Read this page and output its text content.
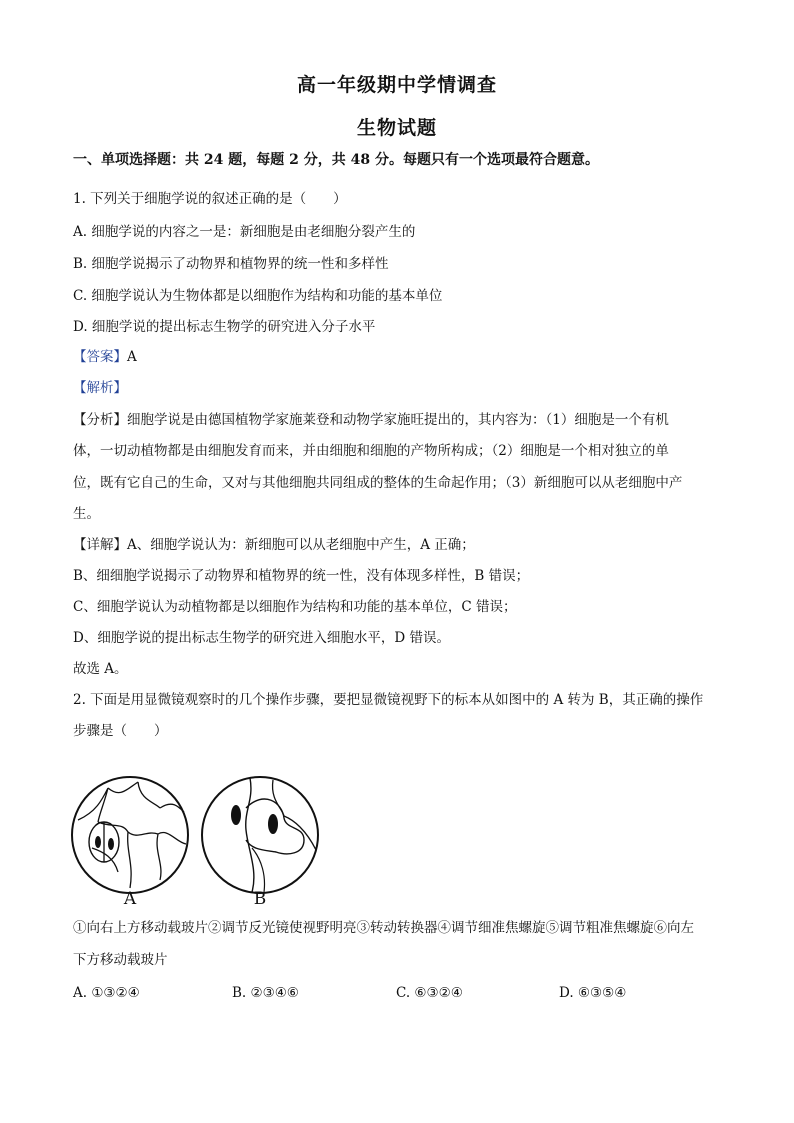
高一年级期中学情调查
生物试题
一、单项选择题：共 24 题，每题 2 分，共 48 分。每题只有一个选项最符合题意。
1. 下列关于细胞学说的叙述正确的是（　　）
A. 细胞学说的内容之一是：新细胞是由老细胞分裂产生的
B. 细胞学说揭示了动物界和植物界的统一性和多样性
C. 细胞学说认为生物体都是以细胞作为结构和功能的基本单位
D. 细胞学说的提出标志生物学的研究进入分子水平
【答案】A
【解析】
【分析】细胞学说是由德国植物学家施莱登和动物学家施旺提出的，其内容为：（1）细胞是一个有机
体，一切动植物都是由细胞发育而来，并由细胞和细胞的产物所构成；（2）细胞是一个相对独立的单
位，既有它自己的生命，又对与其他细胞共同组成的整体的生命起作用；（3）新细胞可以从老细胞中产
生。
【详解】A、细胞学说认为：新细胞可以从老细胞中产生，A 正确；
B、细细胞学说揭示了动物界和植物界的统一性，没有体现多样性，B 错误；
C、细胞学说认为动植物都是以细胞作为结构和功能的基本单位，C 错误；
D、细胞学说的提出标志生物学的研究进入细胞水平，D 错误。
故选 A。
2. 下面是用显微镜观察时的几个操作步骤，要把显微镜视野下的标本从如图中的 A 转为 B，其正确的操作
步骤是（　　）
A	B
①向右上方移动载玻片②调节反光镜使视野明亮③转动转换器④调节细准焦螺旋⑤调节粗准焦螺旋⑥向左
下方移动载玻片
A. ①③②④	B. ②③④⑥	C. ⑥③②④	D. ⑥③⑤④
